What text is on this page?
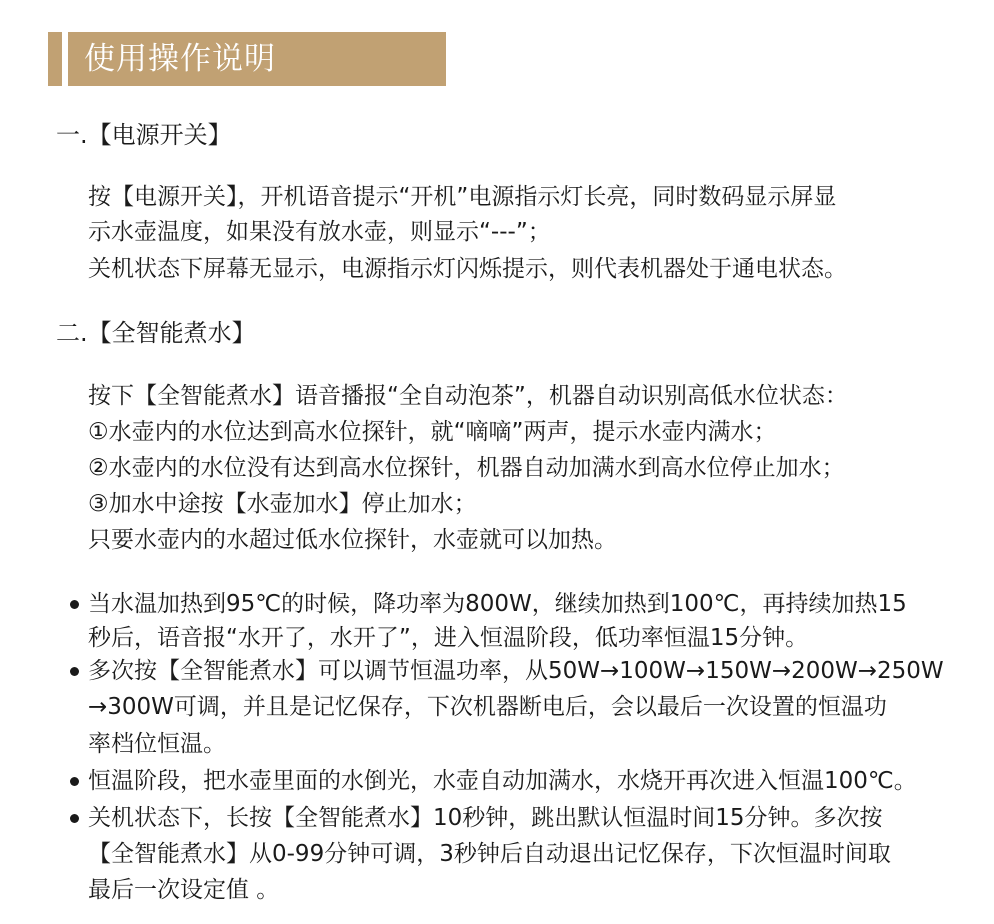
使用操作说明
一.【电源开关】
按【电源开关】，开机语音提示“开机”电源指示灯长亮，同时数码显示屏显
示水壶温度，如果没有放水壶，则显示“---”；
关机状态下屏幕无显示，电源指示灯闪烁提示，则代表机器处于通电状态。
二.【全智能煮水】
按下【全智能煮水】语音播报“全自动泡茶”，机器自动识别高低水位状态：
①水壶内的水位达到高水位探针，就“嘀嘀”两声，提示水壶内满水；
②水壶内的水位没有达到高水位探针，机器自动加满水到高水位停止加水；
③加水中途按【水壶加水】停止加水；
只要水壶内的水超过低水位探针，水壶就可以加热。
当水温加热到95℃的时候，降功率为800W，继续加热到100℃，再持续加热15
秒后，语音报“水开了，水开了”，进入恒温阶段，低功率恒温15分钟。
多次按【全智能煮水】可以调节恒温功率，从50W→100W→150W→200W→250W
→300W可调，并且是记忆保存，下次机器断电后，会以最后一次设置的恒温功
率档位恒温。
恒温阶段，把水壶里面的水倒光，水壶自动加满水，水烧开再次进入恒温100℃。
关机状态下，长按【全智能煮水】10秒钟，跳出默认恒温时间15分钟。多次按
【全智能煮水】从0-99分钟可调，3秒钟后自动退出记忆保存，下次恒温时间取
最后一次设定值 。
